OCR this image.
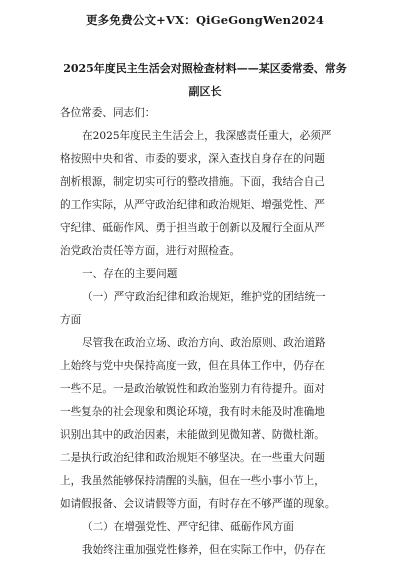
更多免费公文+VX：QiGeGongWen2024
2025年度民主生活会对照检查材料——某区委常委、常务
副区长
各位常委、同志们：
在2025年度民主生活会上，我深感责任重大，必须严
格按照中央和省、市委的要求，深入查找自身存在的问题
剖析根源，制定切实可行的整改措施。下面，我结合自己
的工作实际，从严守政治纪律和政治规矩、增强党性、严
守纪律、砥砺作风、勇于担当敢于创新以及履行全面从严
治党政治责任等方面，进行对照检查。
一、存在的主要问题
（一）严守政治纪律和政治规矩，维护党的团结统一
方面
尽管我在政治立场、政治方向、政治原则、政治道路
上始终与党中央保持高度一致，但在具体工作中，仍存在
一些不足。一是政治敏锐性和政治鉴别力有待提升。面对
一些复杂的社会现象和舆论环境，我有时未能及时准确地
识别出其中的政治因素，未能做到见微知著、防微杜渐。
二是执行政治纪律和政治规矩不够坚决。在一些重大问题
上，我虽然能够保持清醒的头脑，但在一些小事小节上，
如请假报备、会议请假等方面，有时存在不够严谨的现象。
（二）在增强党性、严守纪律、砥砺作风方面
我始终注重加强党性修养，但在实际工作中，仍存在
